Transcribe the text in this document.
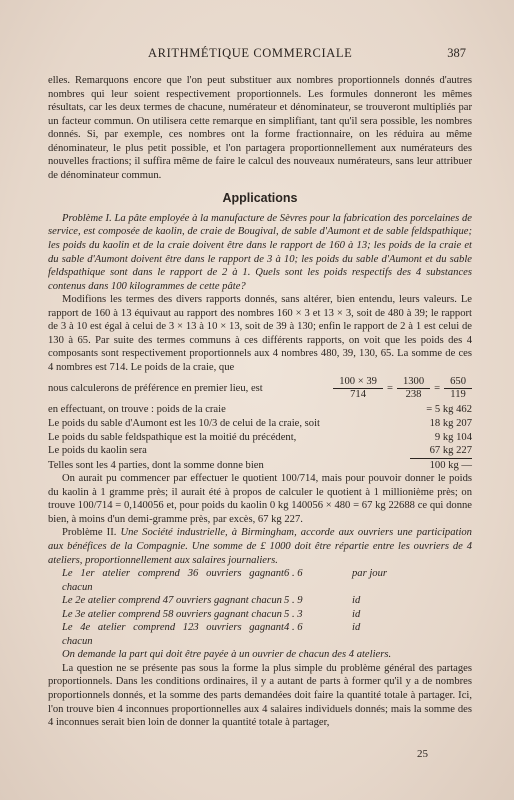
ARITHMÉTIQUE COMMERCIALE	387

elles. Remarquons encore que l'on peut substituer aux nombres proportionnels donnés d'autres nombres qui leur soient respectivement proportionnels. Les formules donneront les mêmes résultats, car les deux termes de chacune, numérateur et dénominateur, se trouveront multipliés par un facteur commun. On utilisera cette remarque en simplifiant, tant qu'il sera possible, les nombres donnés. Si, par exemple, ces nombres ont la forme fractionnaire, on les réduira au même dénominateur, le plus petit possible, et l'on partagera proportionnellement aux numérateurs des nouvelles fractions; il suffira même de faire le calcul des nouveaux numérateurs, sans leur attribuer de dénominateur commun.

Applications

Problème I. La pâte employée à la manufacture de Sèvres pour la fabrication des porcelaines de service, est composée de kaolin, de craie de Bougival, de sable d'Aumont et de sable feldspathique; les poids du kaolin et de la craie doivent être dans le rapport de 160 à 13; les poids de la craie et du sable d'Aumont doivent être dans le rapport de 3 à 10; les poids du sable d'Aumont et du sable feldspathique sont dans le rapport de 2 à 1. Quels sont les poids respectifs des 4 substances contenus dans 100 kilogrammes de cette pâte?

Modifions les termes des divers rapports donnés, sans altérer, bien entendu, leurs valeurs. Le rapport de 160 à 13 équivaut au rapport des nombres 160 × 3 et 13 × 3, soit de 480 à 39; le rapport de 3 à 10 est égal à celui de 3 × 13 à 10 × 13, soit de 39 à 130; enfin le rapport de 2 à 1 est celui de 130 à 65. Par suite des termes communs à ces différents rapports, on voit que les poids des 4 composants sont respectivement proportionnels aux 4 nombres 480, 39, 130, 65. La somme de ces 4 nombres est 714. Le poids de la craie, que

nous calculerons de préférence en premier lieu, est	$\frac{100 \times 39}{714} = \frac{1300}{238} = \frac{650}{119}$
en effectuant, on trouve : poids de la craie	= 5 kg 462
Le poids du sable d'Aumont est les 10/3 de celui de la craie, soit	18 kg 207
Le poids du sable feldspathique est la moitié du précédent,	9 kg 104
Le poids du kaolin sera	67 kg 227
Telles sont les 4 parties, dont la somme donne bien	100 kg —

On aurait pu commencer par effectuer le quotient 100/714, mais pour pouvoir donner le poids du kaolin à 1 gramme près; il aurait été à propos de calculer le quotient à 1 millionième près; on trouve 100/714 = 0,140056 et, pour poids du kaolin 0 kg 140056 × 480 = 67 kg 22688 ce qui donne bien, à moins d'un demi-gramme près, par excès, 67 kg 227.

Problème II. Une Société industrielle, à Birmingham, accorde aux ouvriers une participation aux bénéfices de la Compagnie. Une somme de £ 1000 doit être répartie entre les ouvriers de 4 ateliers, proportionnellement aux salaires journaliers.

Le 1er atelier comprend 36 ouvriers gagnant chacun
6 . 6	par jour
Le 2e atelier comprend 47 ouvriers gagnant chacun 5 . 9	id
Le 3e atelier comprend 58 ouvriers gagnant chacun 5 . 3	id
Le 4e atelier comprend 123 ouvriers gagnant chacun
4 . 6	id

On demande la part qui doit être payée à un ouvrier de chacun des 4 ateliers.

La question ne se présente pas sous la forme la plus simple du problème général des partages proportionnels. Dans les conditions ordinaires, il y a autant de parts à former qu'il y a de nombres proportionnels donnés, et la somme des parts demandées doit faire la quantité totale à partager. Ici, l'on trouve bien 4 inconnues proportionnelles aux 4 salaires individuels donnés; mais la somme des 4 inconnues serait bien loin de donner la quantité totale à partager,

25
